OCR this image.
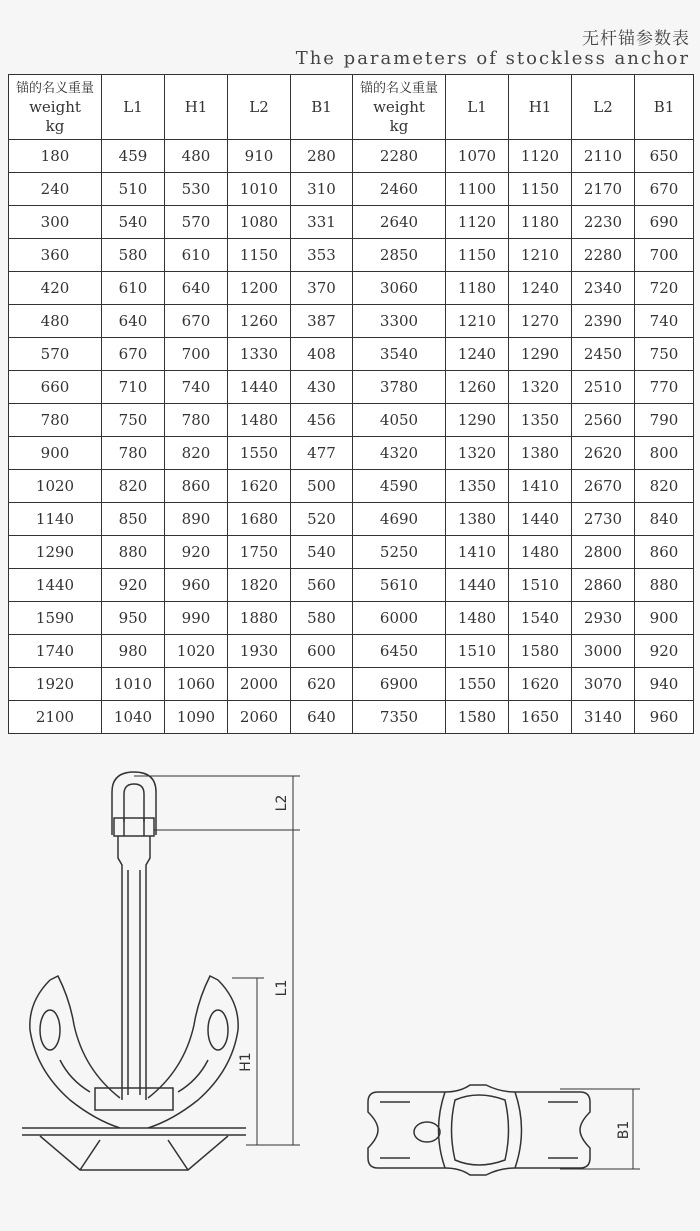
无杆锚参数表
The parameters of stockless anchor
锚的名义重量
weight
kg	L1	H1	L2	B1	锚的名义重量
weight
kg	L1	H1	L2	B1
180	459	480	910	280	2280	1070	1120	2110	650
240	510	530	1010	310	2460	1100	1150	2170	670
300	540	570	1080	331	2640	1120	1180	2230	690
360	580	610	1150	353	2850	1150	1210	2280	700
420	610	640	1200	370	3060	1180	1240	2340	720
480	640	670	1260	387	3300	1210	1270	2390	740
570	670	700	1330	408	3540	1240	1290	2450	750
660	710	740	1440	430	3780	1260	1320	2510	770
780	750	780	1480	456	4050	1290	1350	2560	790
900	780	820	1550	477	4320	1320	1380	2620	800
1020	820	860	1620	500	4590	1350	1410	2670	820
1140	850	890	1680	520	4690	1380	1440	2730	840
1290	880	920	1750	540	5250	1410	1480	2800	860
1440	920	960	1820	560	5610	1440	1510	2860	880
1590	950	990	1880	580	6000	1480	1540	2930	900
1740	980	1020	1930	600	6450	1510	1580	3000	920
1920	1010	1060	2000	620	6900	1550	1620	3070	940
2100	1040	1090	2060	640	7350	1580	1650	3140	960
L2
L1
H1
B1
